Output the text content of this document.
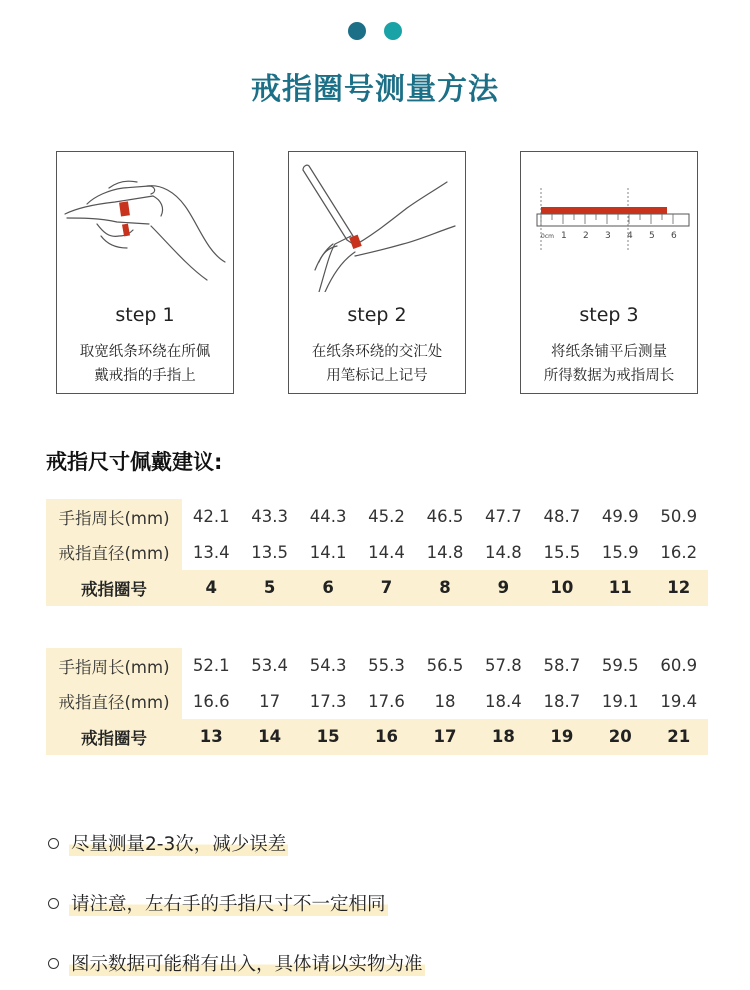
戒指圈号测量方法
step 1
取宽纸条环绕在所佩
戴戒指的手指上
step 2
在纸条环绕的交汇处
用笔标记上记号
0cm 1 2 3 4 5 6
step 3
将纸条铺平后测量
所得数据为戒指周长
戒指尺寸佩戴建议:
手指周长(mm)	42.1	43.3	44.3	45.2	46.5	47.7	48.7	49.9	50.9
戒指直径(mm)	13.4	13.5	14.1	14.4	14.8	14.8	15.5	15.9	16.2
戒指圈号	4	5	6	7	8	9	10	11	12
手指周长(mm)	52.1	53.4	54.3	55.3	56.5	57.8	58.7	59.5	60.9
戒指直径(mm)	16.6	17	17.3	17.6	18	18.4	18.7	19.1	19.4
戒指圈号	13	14	15	16	17	18	19	20	21
尽量测量2-3次，减少误差
请注意，左右手的手指尺寸不一定相同
图示数据可能稍有出入，具体请以实物为准
